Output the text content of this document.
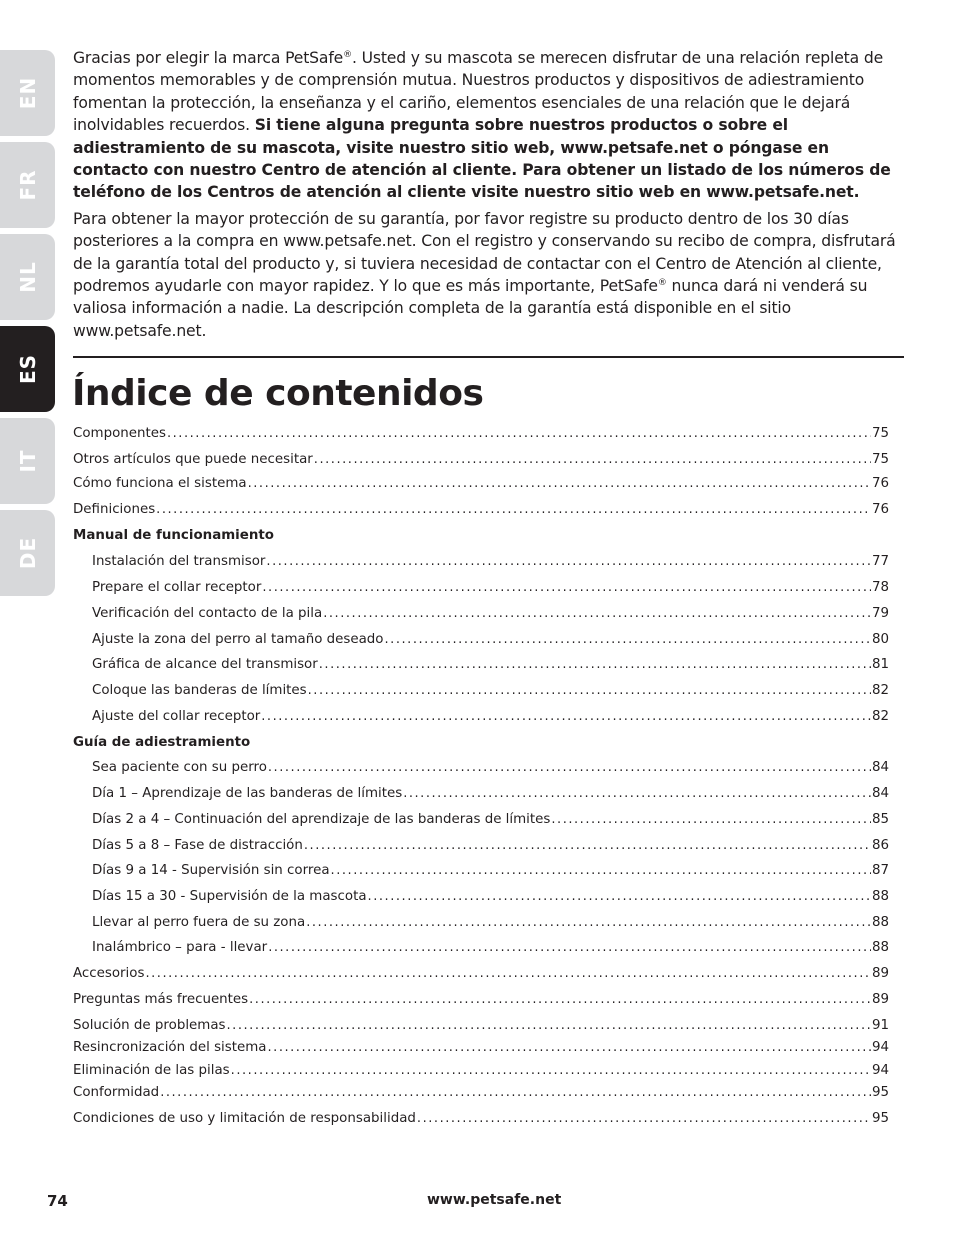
EN
FR
NL
ES
IT
DE

Gracias por elegir la marca PetSafe®. Usted y su mascota se merecen disfrutar de una relación repleta de momentos memorables y de comprensión mutua. Nuestros productos y dispositivos de adiestramiento fomentan la protección, la enseñanza y el cariño, elementos esenciales de una relación que le dejará inolvidables recuerdos. Si tiene alguna pregunta sobre nuestros productos o sobre el adiestramiento de su mascota, visite nuestro sitio web, www.petsafe.net o póngase en contacto con nuestro Centro de atención al cliente. Para obtener un listado de los números de teléfono de los Centros de atención al cliente visite nuestro sitio web en www.petsafe.net.

Para obtener la mayor protección de su garantía, por favor registre su producto dentro de los 30 días posteriores a la compra en www.petsafe.net. Con el registro y conservando su recibo de compra, disfrutará de la garantía total del producto y, si tuviera necesidad de contactar con el Centro de Atención al cliente, podremos ayudarle con mayor rapidez. Y lo que es más importante, PetSafe® nunca dará ni venderá su valiosa información a nadie. La descripción completa de la garantía está disponible en el sitio www.petsafe.net.

Índice de contenidos
Componentes . . .	75
Otros artículos que puede necesitar . . .	75
Cómo funciona el sistema . . .	76
Definiciones . . .	76
Manual de funcionamiento
Instalación del transmisor . . .	77
Prepare el collar receptor . . .	78
Verificación del contacto de la pila . . .	79
Ajuste la zona del perro al tamaño deseado . . .	80
Gráfica de alcance del transmisor . . .	81
Coloque las banderas de límites . . .	82
Ajuste del collar receptor . . .	82
Guía de adiestramiento
Sea paciente con su perro . . .	84
Día 1 – Aprendizaje de las banderas de límites . . .	84
Días 2 a 4 – Continuación del aprendizaje de las banderas de límites . . .	85
Días 5 a 8 – Fase de distracción . . .	86
Días 9 a 14 - Supervisión sin correa . . .	87
Días 15 a 30 - Supervisión de la mascota . . .	88
Llevar al perro fuera de su zona . . .	88
Inalámbrico – para - llevar . . .	88
Accesorios . . .	89
Preguntas más frecuentes . . .	89
Solución de problemas . . .	91
Resincronización del sistema . . .	94
Eliminación de las pilas . . .	94
Conformidad . . .	95
Condiciones de uso y limitación de responsabilidad . . .	95
74	www.petsafe.net
